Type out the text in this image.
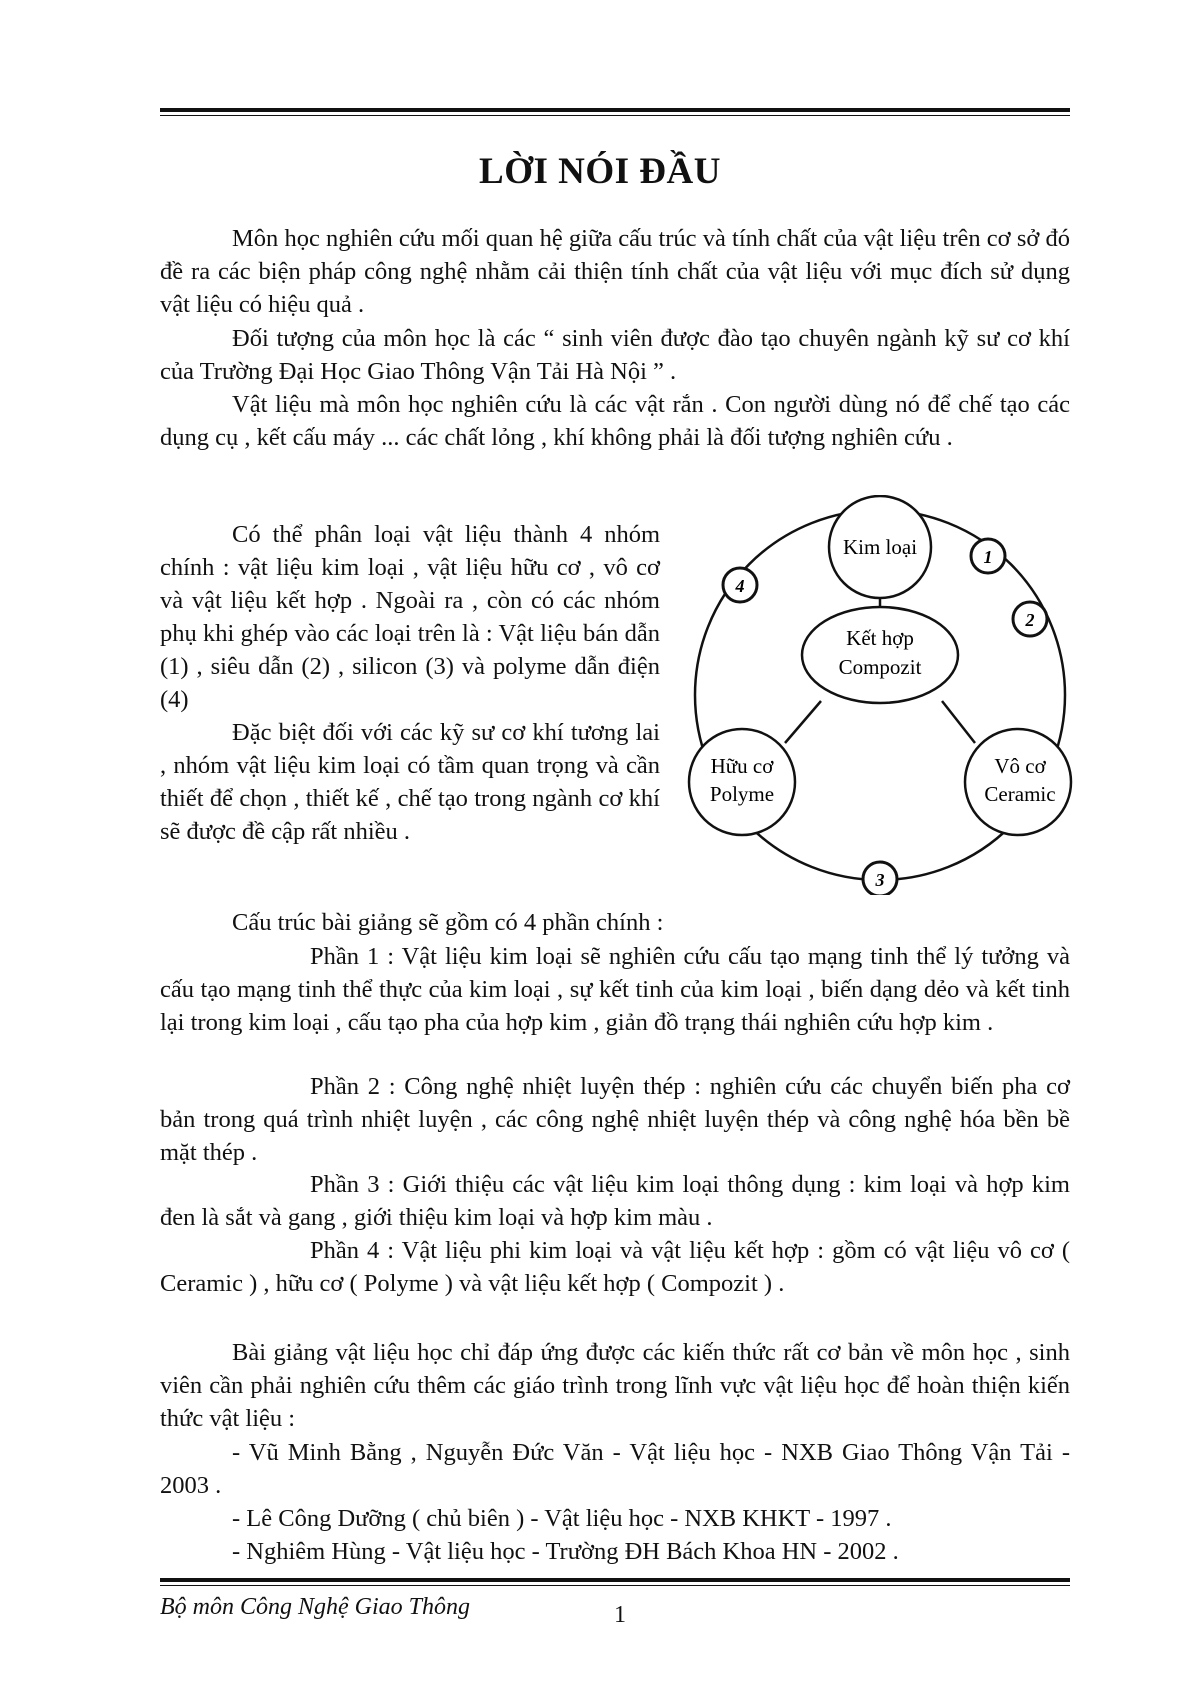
LỜI NÓI ĐẦU

Môn học nghiên cứu mối quan hệ giữa cấu trúc và tính chất của vật liệu trên cơ sở đó đề ra các biện pháp công nghệ nhằm cải thiện tính chất của vật liệu với mục đích sử dụng vật liệu có hiệu quả .

Đối tượng của môn học là các “ sinh viên được đào tạo chuyên ngành kỹ sư cơ khí của Trường Đại Học Giao Thông Vận Tải Hà Nội ” .

Vật liệu mà môn học nghiên cứu là các vật rắn . Con người dùng nó để chế tạo các dụng cụ , kết cấu máy ... các chất lỏng , khí không phải là đối tượng nghiên cứu .

Có thể phân loại vật liệu thành 4 nhóm chính : vật liệu kim loại , vật liệu hữu cơ , vô cơ và vật liệu kết hợp . Ngoài ra , còn có các nhóm phụ khi ghép vào các loại trên là : Vật liệu bán dẫn (1) , siêu dẫn (2) , silicon (3) và polyme dẫn điện (4)

Đặc biệt đối với các kỹ sư cơ khí tương lai , nhóm vật liệu kim loại có tầm quan trọng và cần thiết để chọn , thiết kế , chế tạo trong ngành cơ khí sẽ được đề cập rất nhiều .

Kết hợp
Compozit
Kim loại
Hữu cơ
Polyme
Vô cơ
Ceramic
1
2
3
4

Cấu trúc bài giảng sẽ gồm có 4 phần chính :

Phần 1 : Vật liệu kim loại sẽ nghiên cứu cấu tạo mạng tinh thể lý tưởng và cấu tạo mạng tinh thể thực của kim loại , sự kết tinh của kim loại , biến dạng dẻo và kết tinh lại trong kim loại , cấu tạo pha của hợp kim , giản đồ trạng thái nghiên cứu hợp kim .

Phần 2 : Công nghệ nhiệt luyện thép : nghiên cứu các chuyển biến pha cơ bản trong quá trình nhiệt luyện , các công nghệ nhiệt luyện thép và công nghệ hóa bền bề mặt thép .

Phần 3 : Giới thiệu các vật liệu kim loại thông dụng : kim loại và hợp kim đen là sắt và gang , giới thiệu kim loại và hợp kim màu .

Phần 4 : Vật liệu phi kim loại và vật liệu kết hợp : gồm có vật liệu vô cơ ( Ceramic ) , hữu cơ ( Polyme ) và vật liệu kết hợp ( Compozit ) .

Bài giảng vật liệu học chỉ đáp ứng được các kiến thức rất cơ bản về môn học , sinh viên cần phải nghiên cứu thêm các giáo trình trong lĩnh vực vật liệu học để hoàn thiện kiến thức vật liệu :

- Vũ Minh Bằng , Nguyễn Đức Văn - Vật liệu học - NXB Giao Thông Vận Tải - 2003 .

- Lê Công Dưỡng ( chủ biên ) - Vật liệu học - NXB KHKT - 1997 .

- Nghiêm Hùng - Vật liệu học - Trường ĐH Bách Khoa HN - 2002 .

Bộ môn Công Nghệ Giao Thông	1
